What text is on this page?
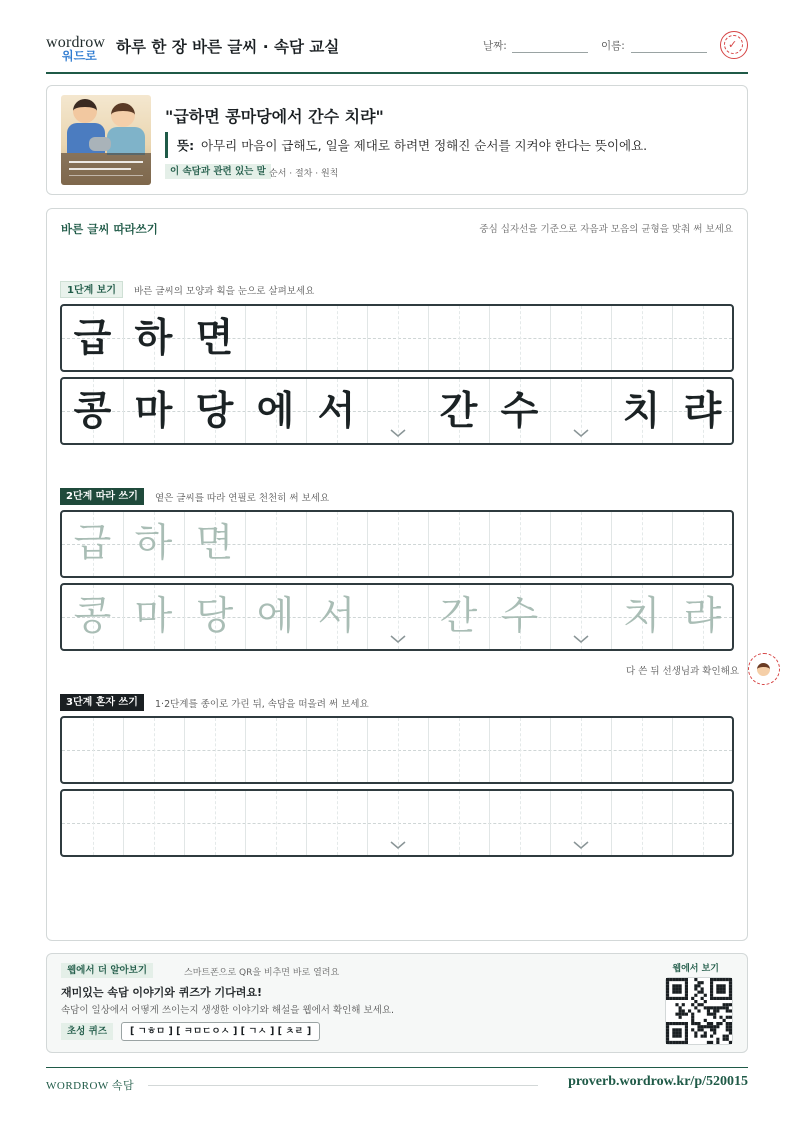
wordrow
워드로 하루 한 장 바른 글씨 · 속담 교실	날짜:	이름:	✓
"급하면 콩마당에서 간수 치랴"
뜻: 아무리 마음이 급해도, 일을 제대로 하려면 정해진 순서를 지켜야 한다는 뜻이에요.
이 속담과 관련 있는 말 순서 · 절차 · 원칙
바른 글씨 따라쓰기	중심 십자선을 기준으로 자음과 모음의 균형을 맞춰 써 보세요
1단계 보기	바른 글씨의 모양과 획을 눈으로 살펴보세요
급 하 면
콩 마 당 에 서 간 수 치 랴
2단계 따라 쓰기	옅은 글씨를 따라 연필로 천천히 써 보세요
급 하 면
콩 마 당 에 서 간 수 치 랴
3단계 혼자 쓰기	1·2단계를 종이로 가린 뒤, 속담을 떠올려 써 보세요
다 쓴 뒤 선생님과 확인해요
웹에서 더 알아보기	스마트폰으로 QR을 비추면 바로 열려요
재미있는 속담 이야기와 퀴즈가 기다려요!
속담이 일상에서 어떻게 쓰이는지 생생한 이야기와 해설을 웹에서 확인해 보세요.
초성 퀴즈	[ ㄱㅎㅁ ] [ ㅋㅁㄷㅇㅅ ] [ ㄱㅅ ] [ ㅊㄹ ]
웹에서 보기
WORDROW 속담	proverb.wordrow.kr/p/520015
